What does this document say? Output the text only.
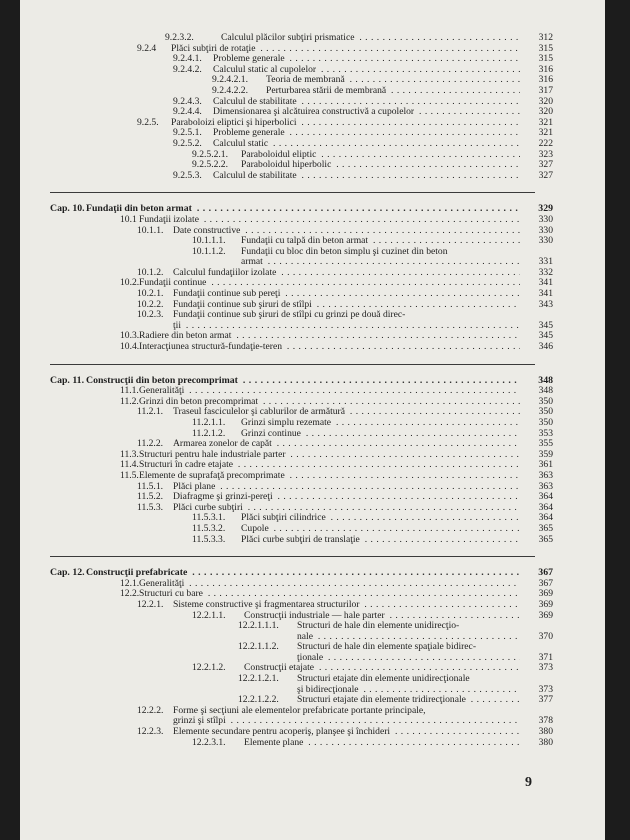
9.2.3.2.	Calculul plăcilor subţiri prismatice . . .	312
9.2.4 Plăci subţiri de rotaţie . . .	315
9.2.4.1. Probleme generale . . .	315
9.2.4.2. Calculul static al cupolelor . . .	316
9.2.4.2.1. Teoria de membrană . . .	316
9.2.4.2.2. Perturbarea stării de membrană . . .	317
9.2.4.3. Calculul de stabilitate . . .	320
9.2.4.4. Dimensionarea şi alcătuirea constructivă a cupolelor . . .	320
9.2.5. Paraboloizi eliptici şi hiperbolici . . .	321
9.2.5.1. Probleme generale . . .	321
9.2.5.2. Calculul static . . .	222
9.2.5.2.1. Paraboloidul eliptic . . .	323
9.2.5.2.2. Paraboloidul hiperbolic . . .	327
9.2.5.3. Calculul de stabilitate . . .	327
Cap. 10. Fundaţii din beton armat . . .	329
10.1 Fundaţii izolate . . .	330
10.1.1. Date constructive . . .	330
10.1.1.1. Fundaţii cu talpă din beton armat . . .	330
10.1.1.2. Fundaţii cu bloc din beton simplu şi cuzinet din beton
armat . . .	331
10.1.2. Calculul fundaţiilor izolate . . .	332
10.2. Fundaţii continue . . .	341
10.2.1. Fundaţii continue sub pereţi . . .	341
10.2.2. Fundaţii continue sub şiruri de stîlpi . . .	343
10.2.3. Fundaţii continue sub şiruri de stîlpi cu grinzi pe două direc-
ţii . . .	345
10.3. Radiere din beton armat . . .	345
10.4. Interacţiunea structură-fundaţie-teren . . .	346
Cap. 11. Construcţii din beton precomprimat . . .	348
11.1. Generalităţi . . .	348
11.2. Grinzi din beton precomprimat . . .	350
11.2.1. Traseul fasciculelor şi cablurilor de armătură . . .	350
11.2.1.1. Grinzi simplu rezemate . . .	350
11.2.1.2. Grinzi continue . . .	353
11.2.2. Armarea zonelor de capăt . . .	355
11.3. Structuri pentru hale industriale parter . . .	359
11.4. Structuri în cadre etajate . . .	361
11.5. Elemente de suprafaţă precomprimate . . .	363
11.5.1. Plăci plane . . .	363
11.5.2. Diafragme şi grinzi-pereţi . . .	364
11.5.3. Plăci curbe subţiri . . .	364
11.5.3.1. Plăci subţiri cilindrice . . .	364
11.5.3.2. Cupole . . .	365
11.5.3.3. Plăci curbe subţiri de translaţie . . .	365
Cap. 12. Construcţii prefabricate . . .	367
12.1. Generalităţi . . .	367
12.2. Structuri cu bare . . .	369
12.2.1. Sisteme constructive şi fragmentarea structurilor . . .	369
12.2.1.1. Construcţii industriale — hale parter . . .	369
12.2.1.1.1. Structuri de hale din elemente unidirecţio-
nale . . .	370
12.2.1.1.2. Structuri de hale din elemente spaţiale bidirec-
ţionale . . .	371
12.2.1.2. Construcţii etajate . . .	373
12.2.1.2.1. Structuri etajate din elemente unidirecţionale
şi bidirecţionale . . .	373
12.2.1.2.2. Structuri etajate din elemente tridirecţionale . . .	377
12.2.2. Forme şi secţiuni ale elementelor prefabricate portante principale,
grinzi şi stîlpi . . .	378
12.2.3. Elemente secundare pentru acoperiş, planşee şi închideri . . .	380
12.2.3.1. Elemente plane . . .	380
9
